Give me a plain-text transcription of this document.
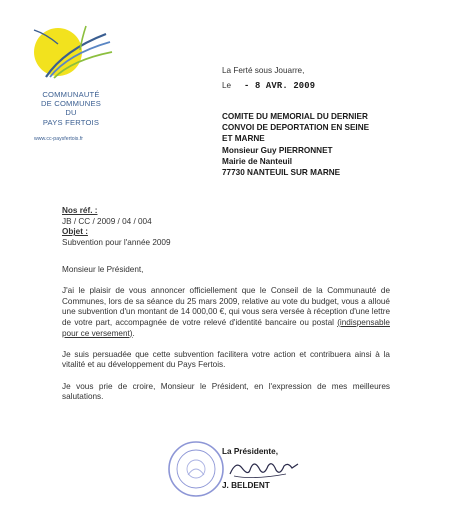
COMMUNAUTÉ
DE COMMUNES
DU
PAYS FERTOIS
www.cc-paysfertois.fr
La Ferté sous Jouarre,
Le - 8 AVR. 2009
COMITE DU MEMORIAL DU DERNIER
CONVOI DE DEPORTATION EN SEINE
ET MARNE
Monsieur Guy PIERRONNET
Mairie de Nanteuil
77730 NANTEUIL SUR MARNE
Nos réf. :
JB / CC / 2009 / 04 / 004
Objet :
Subvention pour l'année 2009

Monsieur le Président,

J'ai le plaisir de vous annoncer officiellement que le Conseil de la Communauté de Communes, lors de sa séance du 25 mars 2009, relative au vote du budget, vous a alloué une subvention d'un montant de 14 000,00 €, qui vous sera versée à réception d'une lettre de votre part, accompagnée de votre relevé d'identité bancaire ou postal (indispensable pour ce versement).

Je suis persuadée que cette subvention facilitera votre action et contribuera ainsi à la vitalité et au développement du Pays Fertois.

Je vous prie de croire, Monsieur le Président, en l'expression de mes meilleures salutations.

La Présidente,
J. BELDENT
